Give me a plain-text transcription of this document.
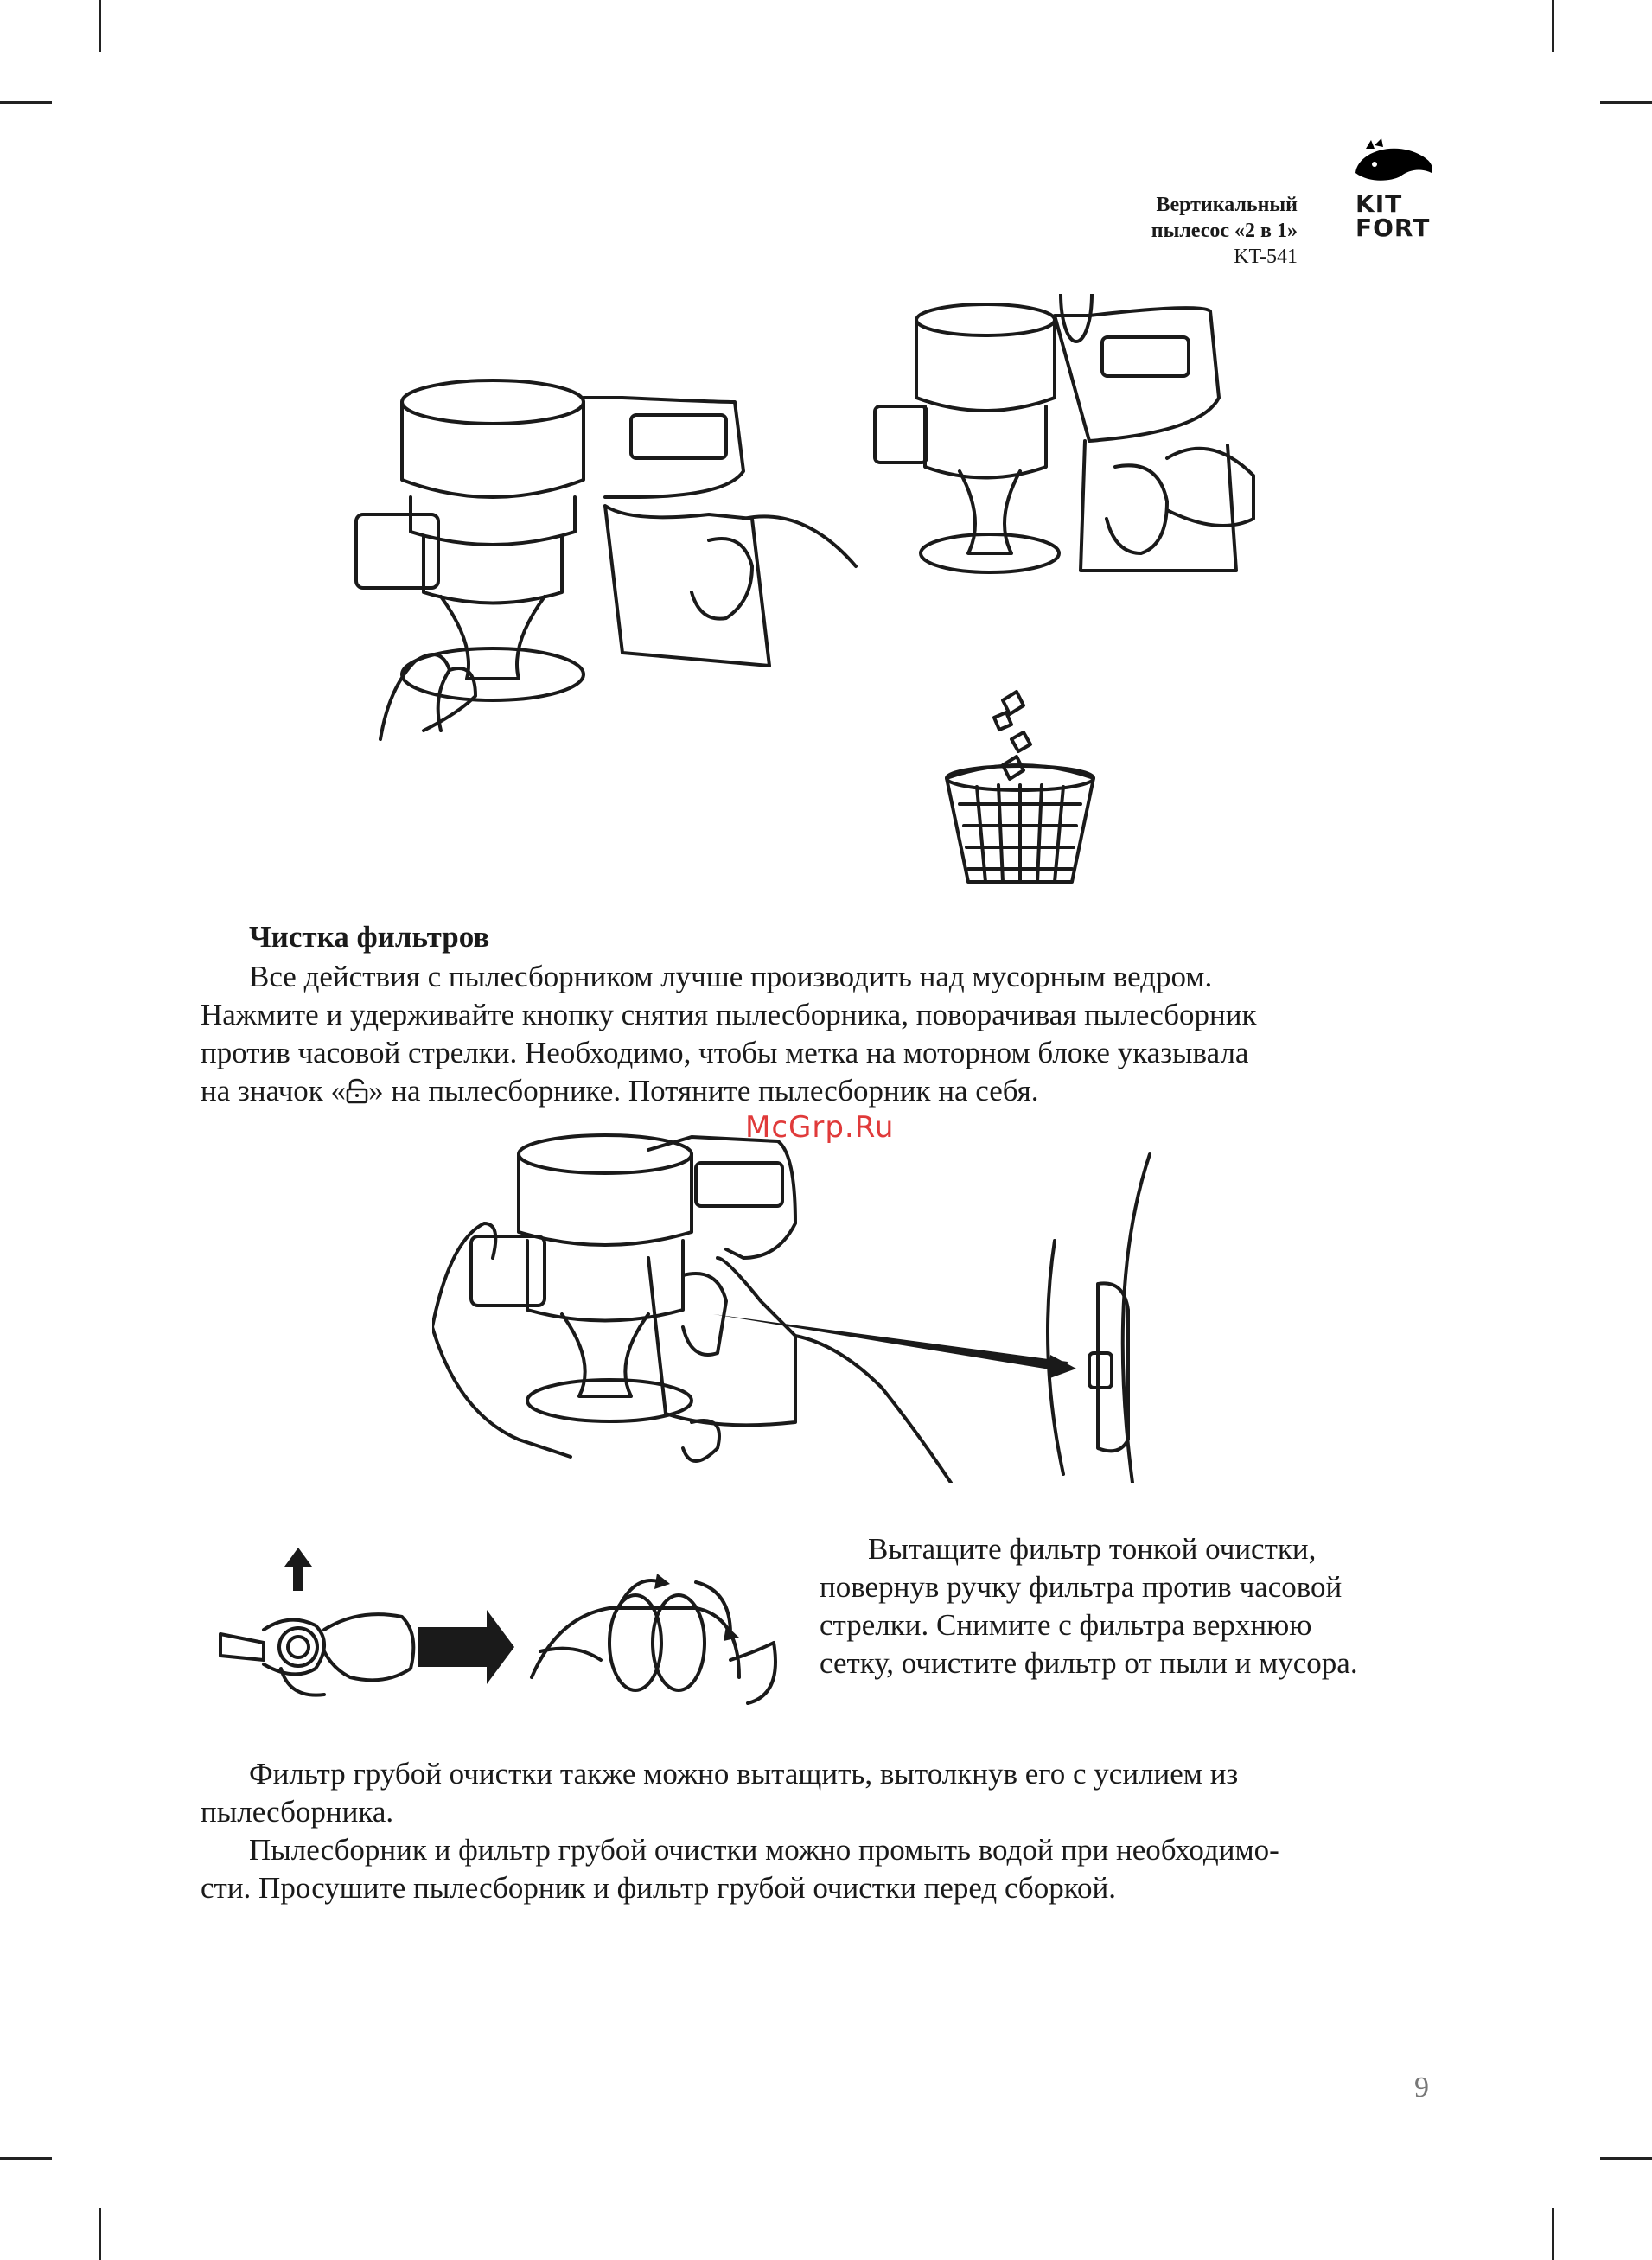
Вертикальный
пылесос «2 в 1»
KT-541
KIT
FORT
Чистка фильтров
Все действия с пылесборником лучше производить над мусорным ведром.
Нажмите и удерживайте кнопку снятия пылесборника, поворачивая пылесборник
против часовой стрелки. Необходимо, чтобы метка на моторном блоке указывала
на значок « » на пылесборнике. Потяните пылесборник на себя.
McGrp.Ru
Вытащите фильтр тонкой очистки,
повернув ручку фильтра против часовой
стрелки. Снимите с фильтра верхнюю
сетку, очистите фильтр от пыли и мусора.
Фильтр грубой очистки также можно вытащить, вытолкнув его с усилием из
пылесборника.
Пылесборник и фильтр грубой очистки можно промыть водой при необходимо-
сти. Просушите пылесборник и фильтр грубой очистки перед сборкой.
9
